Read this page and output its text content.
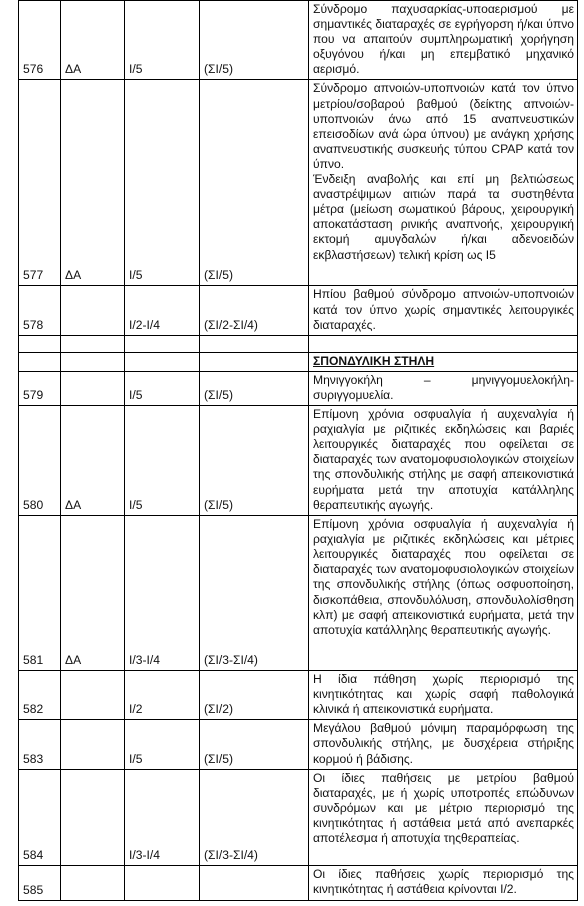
576	ΔΑ	Ι/5	(ΣΙ/5)	Σύνδρομο παχυσαρκίας-υποαερισμού με σημαντικές διαταραχές σε εγρήγορση ή/και ύπνο που να απαιτούν συμπληρωματική χορήγηση οξυγόνου ή/και μη επεμβατικό μηχανικό αερισμό.
577	ΔΑ	Ι/5	(ΣΙ/5)	Σύνδρομο απνοιών-υποπνοιών κατά τον ύπνο μετρίου/σοβαρού βαθμού (δείκτης απνοιών-υποπνοιών άνω από 15 αναπνευστικών επεισοδίων ανά ώρα ύπνου) με ανάγκη χρήσης αναπνευστικής συσκευής τύπου CPAP κατά τον ύπνο.
Ένδειξη αναβολής και επί μη βελτιώσεως αναστρέψιμων αιτιών παρά τα συστηθέντα μέτρα (μείωση σωματικού βάρους, χειρουργική αποκατάσταση ρινικής αναπνοής, χειρουργική εκτομή αμυγδαλών ή/και αδενοειδών εκβλαστήσεων) τελική κρίση ως Ι5

578		Ι/2-Ι/4	(ΣΙ/2-ΣΙ/4)	Ηπίου βαθμού σύνδρομο απνοιών-υποπνοιών κατά τον ύπνο χωρίς σημαντικές λειτουργικές διαταραχές.

				ΣΠΟΝΔΥΛΙΚΗ ΣΤΗΛΗ
579		Ι/5	(ΣΙ/5)	Μηνιγγοκήλη – μηνιγγομυελοκήλη-συριγγομυελία.
580	ΔΑ	Ι/5	(ΣΙ/5)	Επίμονη χρόνια οσφυαλγία ή αυχεναλγία ή ραχιαλγία με ριζιτικές εκδηλώσεις και βαριές λειτουργικές διαταραχές που οφείλεται σε διαταραχές των ανατομοφυσιολογικών στοιχείων της σπονδυλικής στήλης με σαφή απεικονιστικά ευρήματα μετά την αποτυχία κατάλληλης θεραπευτικής αγωγής.
581	ΔΑ	Ι/3-Ι/4	(ΣΙ/3-ΣΙ/4)	Επίμονη χρόνια οσφυαλγία ή αυχεναλγία ή ραχιαλγία με ριζιτικές εκδηλώσεις και μέτριες λειτουργικές διαταραχές που οφείλεται σε διαταραχές των ανατομοφυσιολογικών στοιχείων της σπονδυλικής στήλης (όπως οσφυοποίηση, δισκοπάθεια, σπονδυλόλυση, σπονδυλολίσθηση κλπ) με σαφή απεικονιστικά ευρήματα, μετά την αποτυχία κατάλληλης θεραπευτικής αγωγής.
582		Ι/2	(ΣΙ/2)	Η ίδια πάθηση χωρίς περιορισμό της κινητικότητας και χωρίς σαφή παθολογικά κλινικά ή απεικονιστικά ευρήματα.
583		Ι/5	(ΣΙ/5)	Μεγάλου βαθμού μόνιμη παραμόρφωση της σπονδυλικής στήλης, με δυσχέρεια στήριξης κορμού ή βάδισης.
584		Ι/3-Ι/4	(ΣΙ/3-ΣΙ/4)	Οι ίδιες παθήσεις με μετρίου βαθμού διαταραχές, με ή χωρίς υποτροπές επώδυνων συνδρόμων και με μέτριο περιορισμό της κινητικότητας ή αστάθεια μετά από ανεπαρκές αποτέλεσμα ή αποτυχία τηςθεραπείας.
585				Οι ίδιες παθήσεις χωρίς περιορισμό της κινητικότητας ή αστάθεια κρίνονται Ι/2.
